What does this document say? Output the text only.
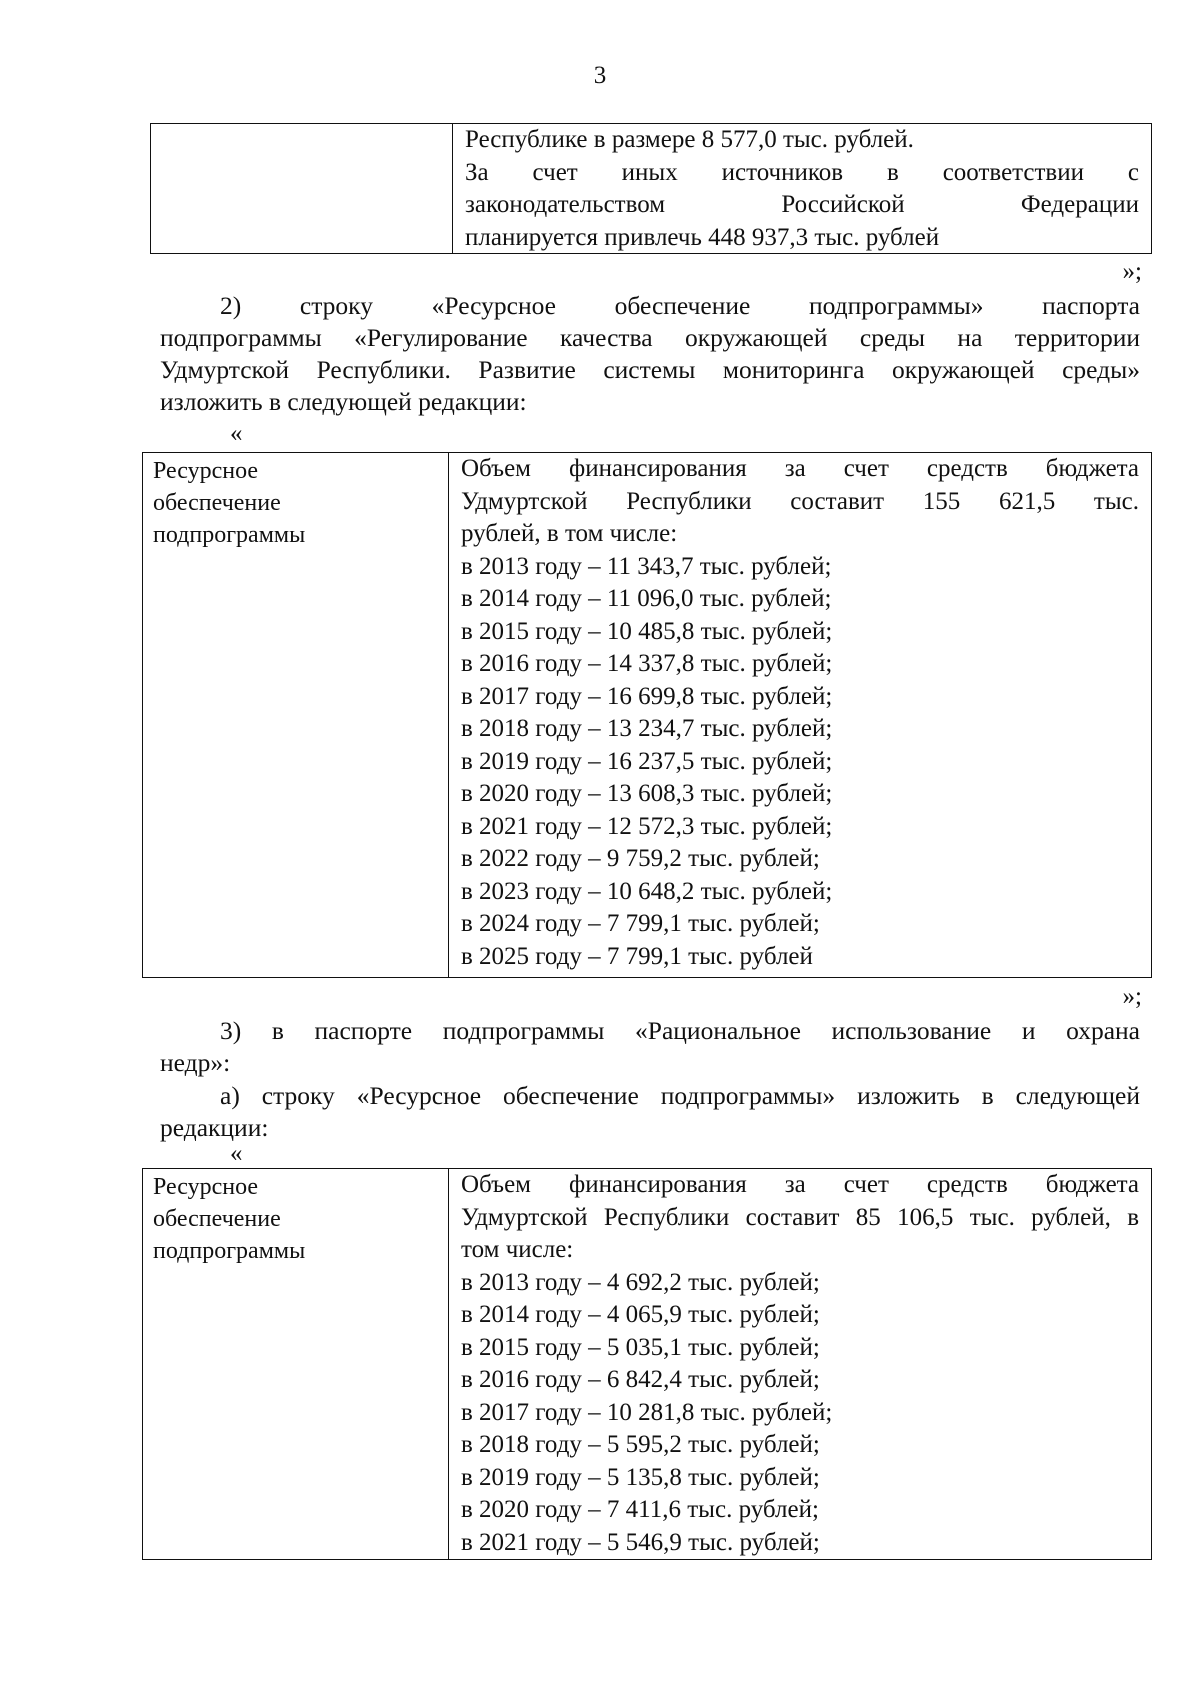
3
Республике в размере 8 577,0 тыс. рублей.
За счет иных источников в соответствии с
законодательством Российской Федерации
планируется привлечь 448 937,3 тыс. рублей
»;
2) строку «Ресурсное обеспечение подпрограммы» паспорта
подпрограммы «Регулирование качества окружающей среды на территории
Удмуртской Республики. Развитие системы мониторинга окружающей среды»
изложить в следующей редакции:
«
Ресурсное
обеспечение
подпрограммы
Объем финансирования за счет средств бюджета
Удмуртской Республики составит 155 621,5 тыс.
рублей, в том числе:
в 2013 году – 11 343,7 тыс. рублей;
в 2014 году – 11 096,0 тыс. рублей;
в 2015 году – 10 485,8 тыс. рублей;
в 2016 году – 14 337,8 тыс. рублей;
в 2017 году – 16 699,8 тыс. рублей;
в 2018 году – 13 234,7 тыс. рублей;
в 2019 году – 16 237,5 тыс. рублей;
в 2020 году – 13 608,3 тыс. рублей;
в 2021 году – 12 572,3 тыс. рублей;
в 2022 году – 9 759,2 тыс. рублей;
в 2023 году – 10 648,2 тыс. рублей;
в 2024 году – 7 799,1 тыс. рублей;
в 2025 году – 7 799,1 тыс. рублей
»;
3) в паспорте подпрограммы «Рациональное использование и охрана
недр»:
а) строку «Ресурсное обеспечение подпрограммы» изложить в следующей
редакции:
«
Ресурсное
обеспечение
подпрограммы
Объем финансирования за счет средств бюджета
Удмуртской Республики составит 85 106,5 тыс. рублей, в
том числе:
в 2013 году – 4 692,2 тыс. рублей;
в 2014 году – 4 065,9 тыс. рублей;
в 2015 году – 5 035,1 тыс. рублей;
в 2016 году – 6 842,4 тыс. рублей;
в 2017 году – 10 281,8 тыс. рублей;
в 2018 году – 5 595,2 тыс. рублей;
в 2019 году – 5 135,8 тыс. рублей;
в 2020 году – 7 411,6 тыс. рублей;
в 2021 году – 5 546,9 тыс. рублей;
